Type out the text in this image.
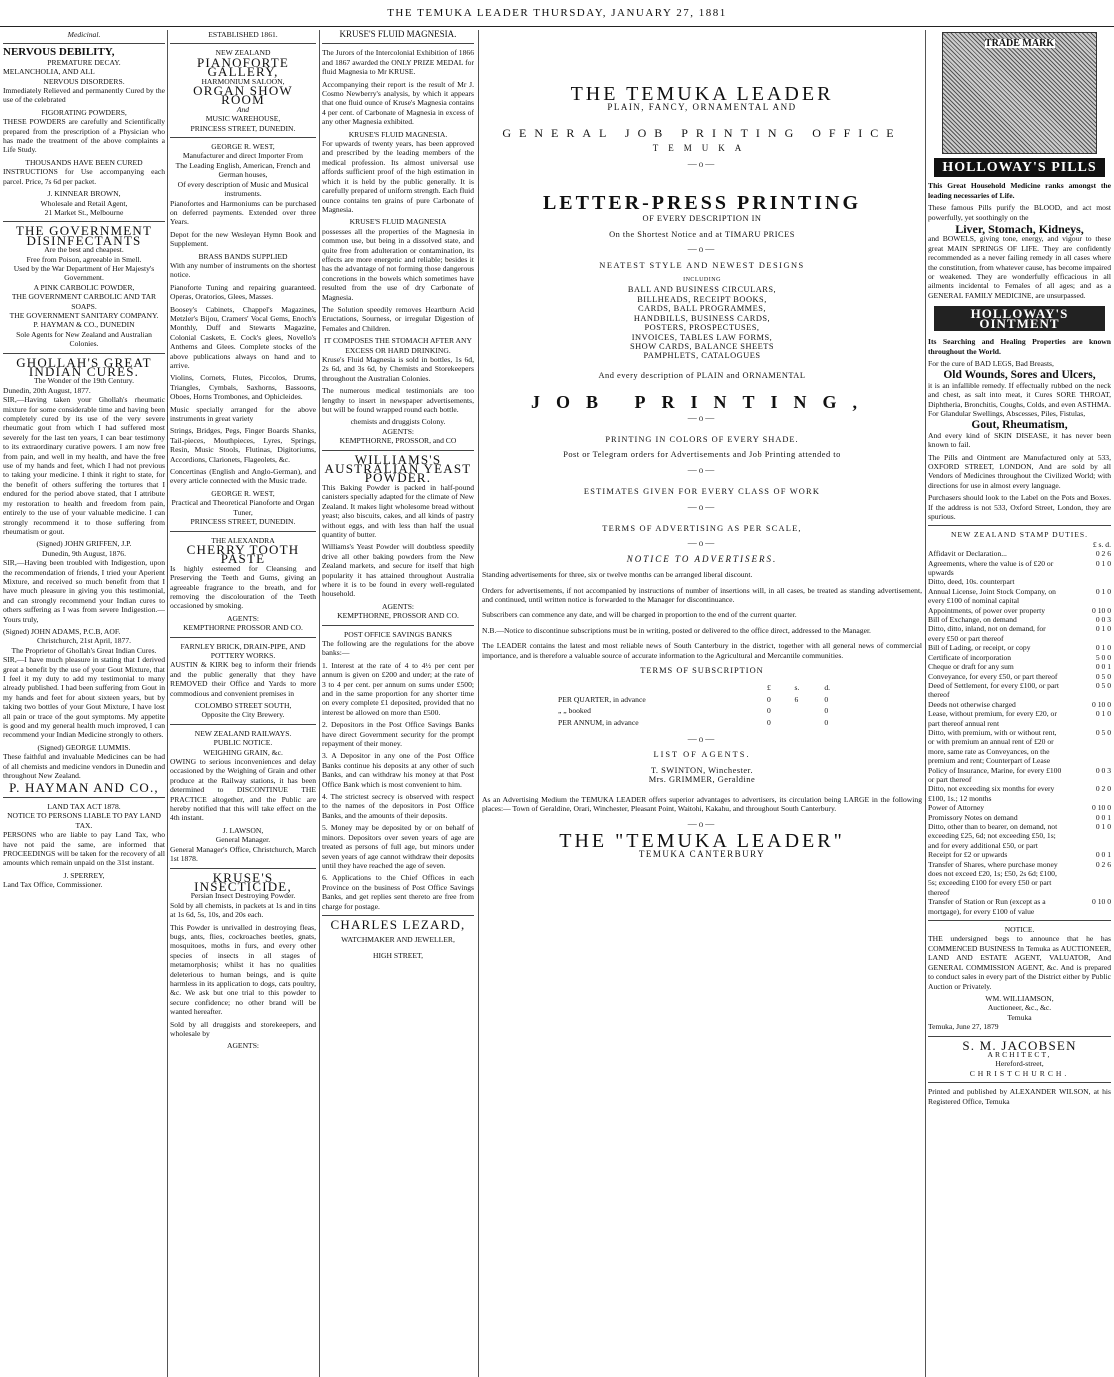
THE TEMUKA LEADER THURSDAY, JANUARY 27, 1881
Medicinal.
NERVOUS DEBILITY,
PREMATURE DECAY.
MELANCHOLIA, AND ALL
NERVOUS DISORDERS.
Immediately Relieved and permanently Cured by the use of the celebrated
FIGORATING POWDERS,
THESE POWDERS are carefully and Scientifically prepared from the prescription of a Physician who has made the treatment of the above complaints a Life Study.
THOUSANDS HAVE BEEN CURED
INSTRUCTIONS for Use accompanying each parcel. Price, 7s 6d per packet.
J. KINNEAR BROWN,
Wholesale and Retail Agent,
21 Market St., Melbourne
THE GOVERNMENT DISINFECTANTS
Are the best and cheapest.
Free from Poison, agreeable in Smell.
Used by the War Department of Her Majesty's Government.
A PINK CARBOLIC POWDER,
THE GOVERNMENT CARBOLIC AND TAR SOAPS.
THE GOVERNMENT SANITARY COMPANY.
P. HAYMAN & CO., DUNEDIN
Sole Agents for New Zealand and Australian Colonies.
GHOLLAH'S GREAT INDIAN CURES.
The Wonder of the 19th Century.
Dunedin, 20th August, 1877.
SIR,—Having taken your Ghollah's rheumatic mixture for some considerable time and having been completely cured by its use of the very severe rheumatic gout from which I had suffered most severely for the last ten years, I can bear testimony to its extraordinary curative powers. I am now free from pain, and well in my health, and have the free use of my hands and feet, which I had not previous to taking your medicine. I think it right to state, for the benefit of others suffering the tortures that I endured for the period above stated, that I attribute my restoration to health and freedom from pain, entirely to the use of your valuable medicine. I can strongly recommend it to those suffering from rheumatism or gout.
(Signed) JOHN GRIFFEN, J.P.
Dunedin, 9th August, 1876.
SIR,—Having been troubled with Indigestion, upon the recommendation of friends, I tried your Aperient Mixture, and received so much benefit from that I have much pleasure in giving you this testimonial, and can strongly recommend your Indian cures to others suffering as I was from severe Indigestion.—Yours truly,
(Signed) JOHN ADAMS, P.C.B, AOF.
Christchurch, 21st April, 1877.
The Proprietor of Ghollah's Great Indian Cures.
SIR,—I have much pleasure in stating that I derived great a benefit by the use of your Gout Mixture, that I feel it my duty to add my testimonial to many already published. I had been suffering from Gout in my hands and feet for about sixteen years, but by taking two bottles of your Gout Mixture, I have lost all pain or trace of the gout symptoms. My appetite is good and my general health much improved, I can recommend your Indian Medicine strongly to others.
(Signed) GEORGE LUMMIS.
These faithful and invaluable Medicines can be had of all chemists and medicine vendors in Dunedin and throughout New Zealand.
P. HAYMAN AND CO.,
LAND TAX ACT 1878.
NOTICE TO PERSONS LIABLE TO PAY LAND TAX.
PERSONS who are liable to pay Land Tax, who have not paid the same, are informed that PROCEEDINGS will be taken for the recovery of all amounts which remain unpaid on the 31st instant.
J. SPERREY,
Land Tax Office, Commissioner.
ESTABLISHED 1861.
NEW ZEALAND
PIANOFORTE GALLERY,
HARMONIUM SALOON,
ORGAN SHOW ROOM
And
MUSIC WAREHOUSE,
PRINCESS STREET, DUNEDIN.
GEORGE R. WEST,
Manufacturer and direct Importer From
The Leading English, American, French and German houses,
Of every description of Music and Musical instruments.
Pianofortes and Harmoniums can be purchased on deferred payments. Extended over three Years.
Depot for the new Wesleyan Hymn Book and Supplement.
BRASS BANDS SUPPLIED
With any number of instruments on the shortest notice.
Pianoforte Tuning and repairing guaranteed. Operas, Oratorios, Glees, Masses.
Boosey's Cabinets, Chappel's Magazines, Metzler's Bijou, Cramers' Vocal Gems, Enoch's Monthly, Duff and Stewarts Magazine, Colonial Caskets, E. Cock's glees, Novello's Anthems and Glees. Complete stocks of the above publications always on hand and to arrive.
Violins, Cornets, Flutes, Piccolos, Drums, Triangles, Cymbals, Saxhorns, Bassoons, Oboes, Horns Trombones, and Ophicleides.
Music specially arranged for the above instruments in great variety
Strings, Bridges, Pegs, Finger Boards Shanks, Tail-pieces, Mouthpieces, Lyres, Springs, Resin, Music Stools, Flutinas, Digitoriums, Accordions, Clarionets, Flageolets, &c.
Concertinas (English and Anglo-German), and every article connected with the Music trade.
GEORGE R. WEST,
Practical and Theoretical Pianoforte and Organ Tuner,
PRINCESS STREET, DUNEDIN.
THE ALEXANDRA
CHERRY TOOTH PASTE
Is highly esteemed for Cleansing and Preserving the Teeth and Gums, giving an agreeable fragrance to the breath, and for removing the discolouration of the Teeth occasioned by smoking.
AGENTS:
KEMPTHORNE PROSSOR AND CO.
FARNLEY BRICK, DRAIN-PIPE, AND POTTERY WORKS.
AUSTIN & KIRK beg to inform their friends and the public generally that they have REMOVED their Office and Yards to more commodious and convenient premises in
COLOMBO STREET SOUTH,
Opposite the City Brewery.
NEW ZEALAND RAILWAYS.
PUBLIC NOTICE.
WEIGHING GRAIN, &c.
OWING to serious inconveniences and delay occasioned by the Weighing of Grain and other produce at the Railway stations, it has been determined to DISCONTINUE THE PRACTICE altogether, and the Public are hereby notified that this will take effect on the 4th instant.
J. LAWSON,
General Manager.
General Manager's Office, Christchurch, March 1st 1878.
KRUSE'S INSECTICIDE,
Persian Insect Destroying Powder.
Sold by all chemists, in packets at 1s and in tins at 1s 6d, 5s, 10s, and 20s each.
This Powder is unrivalled in destroying fleas, bugs, ants, flies, cockroaches beetles, gnats, mosquitoes, moths in furs, and every other species of insects in all stages of metamorphosis; whilst it has no qualities deleterious to human beings, and is quite harmless in its application to dogs, cats poultry, &c. We ask but one trial to this powder to secure confidence; no other brand will be wanted hereafter.
Sold by all druggists and storekeepers, and wholesale by
AGENTS:
KRUSE'S FLUID MAGNESIA.
The Jurors of the Intercolonial Exhibition of 1866 and 1867 awarded the ONLY PRIZE MEDAL for fluid Magnesia to Mr KRUSE.
Accompanying their report is the result of Mr J. Cosmo Newberry's analysis, by which it appears that one fluid ounce of Kruse's Magnesia contains 4 per cent. of Carbonate of Magnesia in excess of any other Magnesia exhibited.
KRUSE'S FLUID MAGNESIA.
For upwards of twenty years, has been approved and prescribed by the leading members of the medical profession. Its almost universal use affords sufficient proof of the high estimation in which it is held by the public generally. It is carefully prepared of uniform strength. Each fluid ounce contains ten grains of pure Carbonate of Magnesia.
KRUSE'S FLUID MAGNESIA
possesses all the properties of the Magnesia in common use, but being in a dissolved state, and quite free from adulteration or contamination, its effects are more energetic and reliable; besides it has the advantage of not forming those dangerous concretions in the bowels which sometimes have resulted from the use of dry Carbonate of Magnesia.
The Solution speedily removes Heartburn Acid Eructations, Sourness, or irregular Digestion of Females and Children.
IT COMPOSES THE STOMACH AFTER ANY EXCESS OR HARD DRINKING.
Kruse's Fluid Magnesia is sold in bottles, 1s 6d, 2s 6d, and 3s 6d, by Chemists and Storekeepers throughout the Australian Colonies.
The numerous medical testimonials are too lengthy to insert in newspaper advertisements, but will be found wrapped round each bottle.
chemists and druggists Colony.
AGENTS:
KEMPTHORNE, PROSSOR, and CO
WILLIAMS'S AUSTRALIAN YEAST POWDER.
This Baking Powder is packed in half-pound canisters specially adapted for the climate of New Zealand. It makes light wholesome bread without yeast; also biscuits, cakes, and all kinds of pastry without eggs, and with less than half the usual quantity of butter.
Williams's Yeast Powder will doubtless speedily drive all other baking powders from the New Zealand markets, and secure for itself that high popularity it has attained throughout Australia where it is to be found in every well-regulated household.
AGENTS:
KEMPTHORNE, PROSSOR AND CO.
POST OFFICE SAVINGS BANKS
The following are the regulations for the above banks:—
1. Interest at the rate of 4 to 4½ per cent per annum is given on £200 and under; at the rate of 3 to 4 per cent. per annum on sums under £500; and in the same proportion for any shorter time on every complete £1 deposited, provided that no interest be allowed on more than £500.
2. Depositors in the Post Office Savings Banks have direct Government security for the prompt repayment of their money.
3. A Depositor in any one of the Post Office Banks continue his deposits at any other of such Banks, and can withdraw his money at that Post Office Bank which is most convenient to him.
4. The strictest secrecy is observed with respect to the names of the depositors in Post Office Banks, and the amounts of their deposits.
5. Money may be deposited by or on behalf of minors. Depositors over seven years of age are treated as persons of full age, but minors under seven years of age cannot withdraw their deposits until they have reached the age of seven.
6. Applications to the Chief Offices in each Province on the business of Post Office Savings Banks, and get replies sent thereto are free from charge for postage.
CHARLES LEZARD,
WATCHMAKER AND JEWELLER,
HIGH STREET,
THE TEMUKA LEADER
PLAIN, FANCY, ORNAMENTAL AND
GENERAL JOB PRINTING OFFICE
TEMUKA
—o—
LETTER-PRESS PRINTING
OF EVERY DESCRIPTION IN
On the Shortest Notice and at TIMARU PRICES
—o—
NEATEST STYLE AND NEWEST DESIGNS
INCLUDING
BALL AND BUSINESS CIRCULARS,
BILLHEADS, RECEIPT BOOKS,
CARDS, BALL PROGRAMMES,
HANDBILLS, BUSINESS CARDS,
POSTERS, PROSPECTUSES,
INVOICES, TABLES LAW FORMS,
SHOW CARDS, BALANCE SHEETS
PAMPHLETS, CATALOGUES
And every description of PLAIN and ORNAMENTAL
JOB PRINTING,
—o—
PRINTING IN COLORS OF EVERY SHADE.
Post or Telegram orders for Advertisements and Job Printing attended to
—o—
ESTIMATES GIVEN FOR EVERY CLASS OF WORK
—o—
TERMS OF ADVERTISING AS PER SCALE,
—o—
NOTICE TO ADVERTISERS.
Standing advertisements for three, six or twelve months can be arranged liberal discount.
Orders for advertisements, if not accompanied by instructions of number of insertions will, in all cases, be treated as standing advertisement, and continued, until written notice is forwarded to the Manager for discontinuance.
Subscribers can commence any date, and will be charged in proportion to the end of the current quarter.
N.B.—Notice to discontinue subscriptions must be in writing, posted or delivered to the office direct, addressed to the Manager.
The LEADER contains the latest and most reliable news of South Canterbury in the district, together with all general news of commercial importance, and is therefore a valuable source of accurate information to the Agricultural and Mercantile communities.
TERMS OF SUBSCRIPTION
	£	s.	d.
PER QUARTER, in advance	0	6	0
„ „ booked	0		0
PER ANNUM, in advance	0		0
—o—
LIST OF AGENTS.
T. SWINTON, Winchester.
Mrs. GRIMMER, Geraldine
As an Advertising Medium the TEMUKA LEADER offers superior advantages to advertisers, its circulation being LARGE in the following places:— Town of Geraldine, Orari, Winchester, Pleasant Point, Waitohi, Kakahu, and throughout South Canterbury.
—o—
THE "TEMUKA LEADER"
TEMUKA CANTERBURY
TRADE MARK
HOLLOWAY'S PILLS
This Great Household Medicine ranks amongst the leading necessaries of Life.
These famous Pills purify the BLOOD, and act most powerfully, yet soothingly on the
Liver, Stomach, Kidneys,
and BOWELS, giving tone, energy, and vigour to these great MAIN SPRINGS OF LIFE. They are confidently recommended as a never failing remedy in all cases where the constitution, from whatever cause, has become impaired or weakened. They are wonderfully efficacious in all ailments incidental to Females of all ages; and as a GENERAL FAMILY MEDICINE, are unsurpassed.
HOLLOWAY'S OINTMENT
Its Searching and Healing Properties are known throughout the World.
For the cure of BAD LEGS, Bad Breasts,
Old Wounds, Sores and Ulcers,
it is an infallible remedy. If effectually rubbed on the neck and chest, as salt into meat, it Cures SORE THROAT, Diphtheria, Bronchitis, Coughs, Colds, and even ASTHMA. For Glandular Swellings, Abscesses, Piles, Fistulas,
Gout, Rheumatism,
And every kind of SKIN DISEASE, it has never been known to fail.
The Pills and Ointment are Manufactured only at 533, OXFORD STREET, LONDON, And are sold by all Vendors of Medicines throughout the Civilized World; with directions for use in almost every language.
Purchasers should look to the Label on the Pots and Boxes. If the address is not 533, Oxford Street, London, they are spurious.
NEW ZEALAND STAMP DUTIES.
	£ s. d.
Affidavit or Declaration...	0 2 6
Agreements, where the value is of £20 or upwards	0 1 0
Ditto, deed, 10s. counterpart	
Annual License, Joint Stock Company, on every £100 of nominal capital	0 1 0
Appointments, of power over property	0 10 0
Bill of Exchange, on demand	0 0 3
Ditto, ditto, inland, not on demand, for every £50 or part thereof	0 1 0
Bill of Lading, or receipt, or copy	0 1 0
Certificate of incorporation	5 0 0
Cheque or draft for any sum	0 0 1
Conveyance, for every £50, or part thereof	0 5 0
Deed of Settlement, for every £100, or part thereof	0 5 0
Deeds not otherwise charged	0 10 0
Lease, without premium, for every £20, or part thereof annual rent	0 1 0
Ditto, with premium, with or without rent, or with premium an annual rent of £20 or more, same rate as Conveyances, on the premium and rent; Counterpart of Lease	0 5 0
Policy of Insurance, Marine, for every £100 or part thereof	0 0 3
Ditto, not exceeding six months for every £100, 1s.; 12 months	0 2 0
Power of Attorney	0 10 0
Promissory Notes on demand	0 0 1
Ditto, other than to bearer, on demand, not exceeding £25, 6d; not exceeding £50, 1s; and for every additional £50, or part	0 1 0
Receipt for £2 or upwards	0 0 1
Transfer of Shares, where purchase money does not exceed £20, 1s; £50, 2s 6d; £100, 5s; exceeding £100 for every £50 or part thereof	0 2 6
Transfer of Station or Run (except as a mortgage), for every £100 of value	0 10 0
NOTICE.
THE undersigned begs to announce that he has COMMENCED BUSINESS In Temuka as AUCTIONEER, LAND AND ESTATE AGENT, VALUATOR, And GENERAL COMMISSION AGENT, &c. And is prepared to conduct sales in every part of the District either by Public Auction or Privately.
WM. WILLIAMSON,
Auctioneer, &c., &c.
Temuka
Temuka, June 27, 1879
S. M. JACOBSEN
ARCHITECT,
Hereford-street,
CHRISTCHURCH.
Printed and published by ALEXANDER WILSON, at his Registered Office, Temuka
